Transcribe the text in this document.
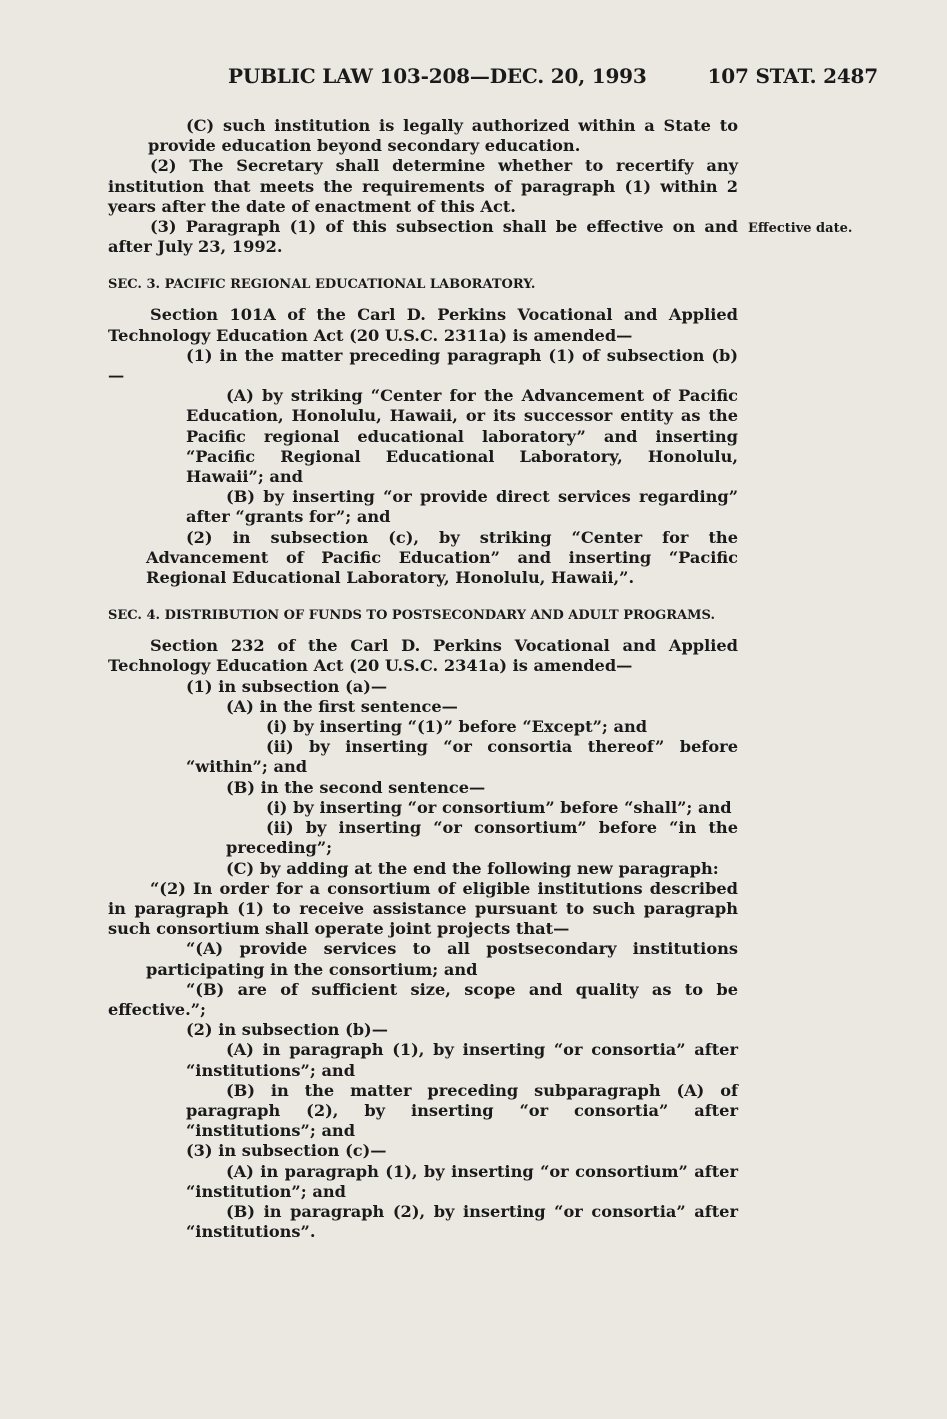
PUBLIC LAW 103-208—DEC. 20, 1993	107 STAT. 2487
Effective date.

(C) such institution is legally authorized within a State to provide education beyond secondary education.

(2) The Secretary shall determine whether to recertify any institution that meets the requirements of paragraph (1) within 2 years after the date of enactment of this Act.

(3) Paragraph (1) of this subsection shall be effective on and after July 23, 1992.

SEC. 3. PACIFIC REGIONAL EDUCATIONAL LABORATORY.

Section 101A of the Carl D. Perkins Vocational and Applied Technology Education Act (20 U.S.C. 2311a) is amended—

(1) in the matter preceding paragraph (1) of subsection (b)—

(A) by striking “Center for the Advancement of Pacific Education, Honolulu, Hawaii, or its successor entity as the Pacific regional educational laboratory” and inserting “Pacific Regional Educational Laboratory, Honolulu, Hawaii”; and

(B) by inserting “or provide direct services regarding” after “grants for”; and

(2) in subsection (c), by striking “Center for the Advancement of Pacific Education” and inserting “Pacific Regional Educational Laboratory, Honolulu, Hawaii,”.

SEC. 4. DISTRIBUTION OF FUNDS TO POSTSECONDARY AND ADULT PROGRAMS.

Section 232 of the Carl D. Perkins Vocational and Applied Technology Education Act (20 U.S.C. 2341a) is amended—

(1) in subsection (a)—

(A) in the first sentence—

(i) by inserting “(1)” before “Except”; and

(ii) by inserting “or consortia thereof” before “within”; and

(B) in the second sentence—

(i) by inserting “or consortium” before “shall”; and

(ii) by inserting “or consortium” before “in the preceding”;

(C) by adding at the end the following new paragraph:

“(2) In order for a consortium of eligible institutions described in paragraph (1) to receive assistance pursuant to such paragraph such consortium shall operate joint projects that—

“(A) provide services to all postsecondary institutions participating in the consortium; and

“(B) are of sufficient size, scope and quality as to be effective.”;

(2) in subsection (b)—

(A) in paragraph (1), by inserting “or consortia” after “institutions”; and

(B) in the matter preceding subparagraph (A) of paragraph (2), by inserting “or consortia” after “institutions”; and

(3) in subsection (c)—

(A) in paragraph (1), by inserting “or consortium” after “institution”; and

(B) in paragraph (2), by inserting “or consortia” after “institutions”.
